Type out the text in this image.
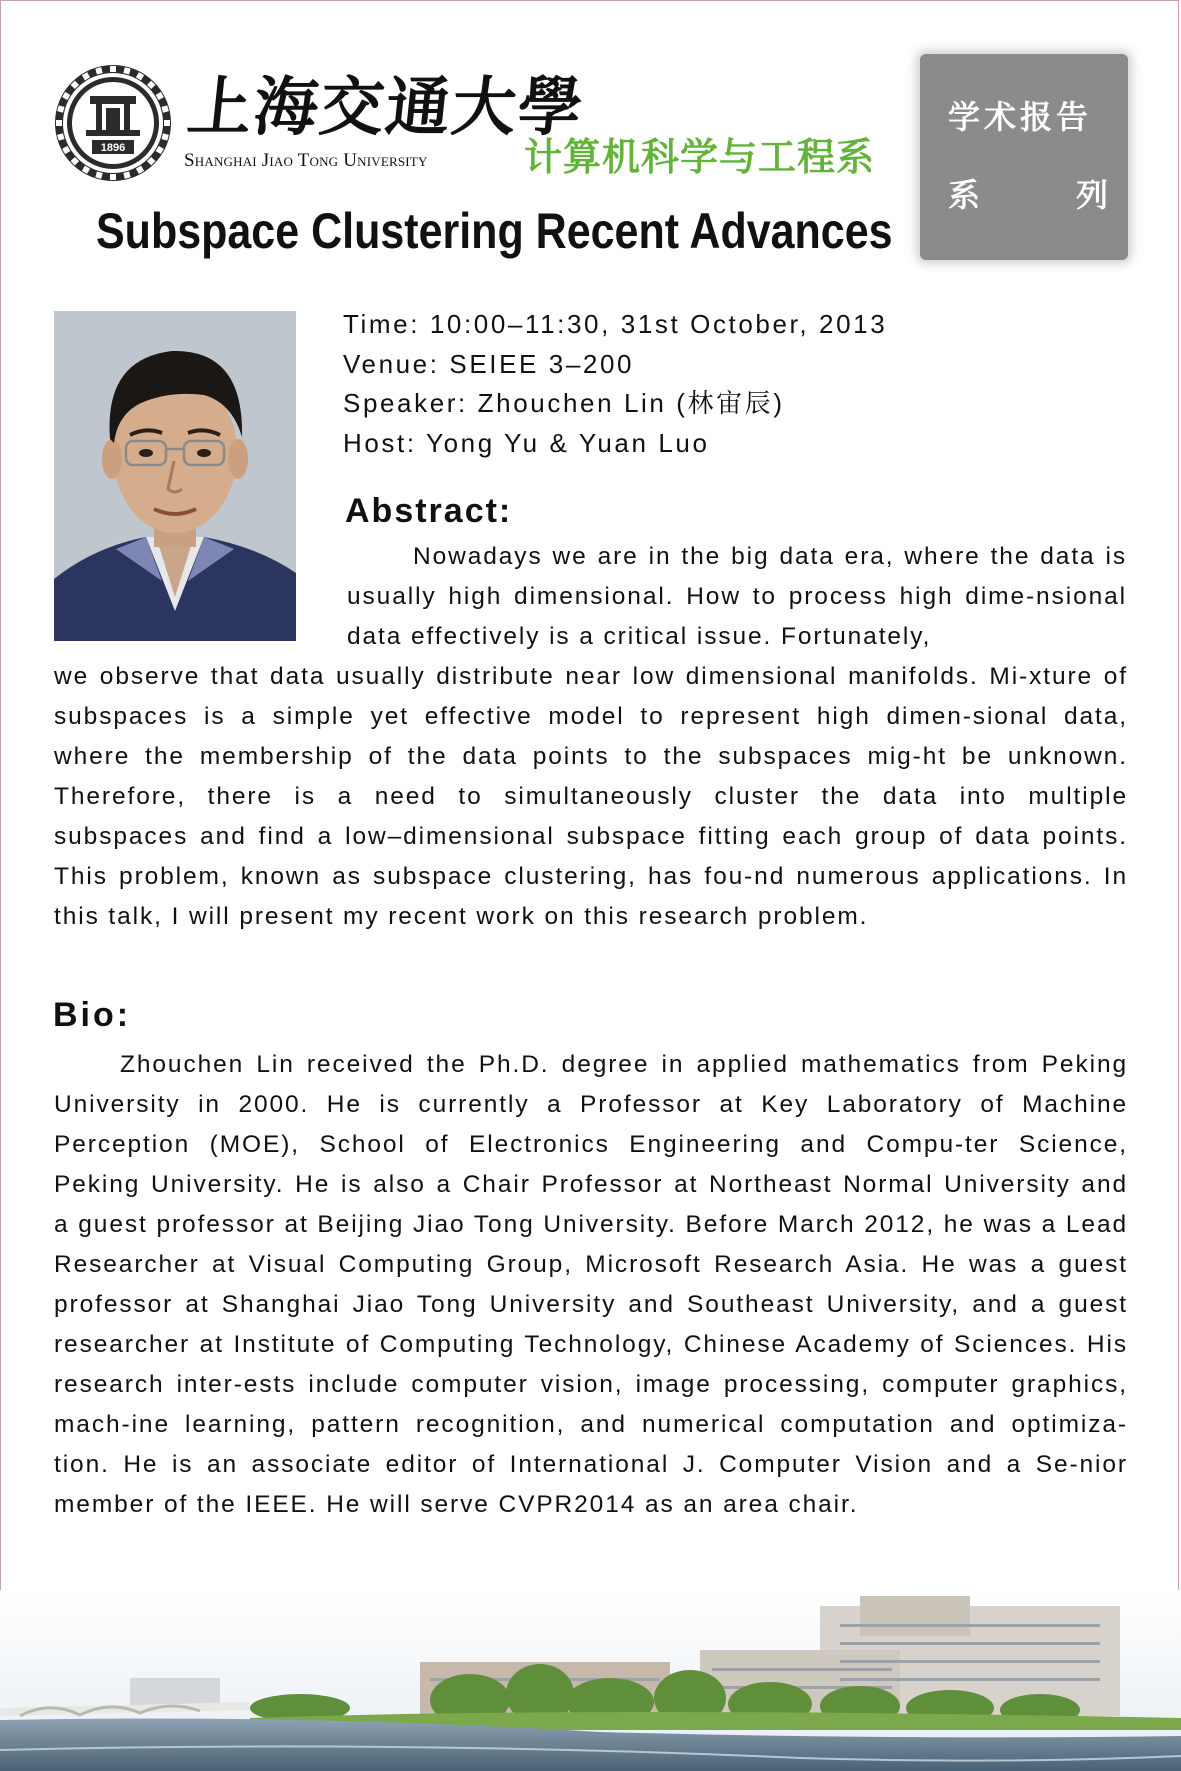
1896
上海交通大學
Shanghai Jiao Tong University	计算机科学与工程系
学术报告
系	列
Subspace Clustering Recent Advances
Time: 10:00–11:30, 31st October, 2013
Venue: SEIEE 3–200
Speaker: Zhouchen Lin (林宙辰)
Host: Yong Yu & Yuan Luo
Abstract:
Nowadays we are in the big data era, where the data is usually high dimensional. How to process high dime-nsional data effectively is a critical issue. Fortunately,
we observe that data usually distribute near low dimensional manifolds. Mi-xture of subspaces is a simple yet effective model to represent high dimen-sional data, where the membership of the data points to the subspaces mig-ht be unknown. Therefore, there is a need to simultaneously cluster the data into multiple subspaces and find a low–dimensional subspace fitting each group of data points. This problem, known as subspace clustering, has fou-nd numerous applications. In this talk, I will present my recent work on this research problem.
Bio:
Zhouchen Lin received the Ph.D. degree in applied mathematics from Peking University in 2000. He is currently a Professor at Key Laboratory of Machine Perception (MOE), School of Electronics Engineering and Compu-ter Science, Peking University. He is also a Chair Professor at Northeast Normal University and a guest professor at Beijing Jiao Tong University. Before March 2012, he was a Lead Researcher at Visual Computing Group, Microsoft Research Asia. He was a guest professor at Shanghai Jiao Tong University and Southeast University, and a guest researcher at Institute of Computing Technology, Chinese Academy of Sciences. His research inter-ests include computer vision, image processing, computer graphics, mach-ine learning, pattern recognition, and numerical computation and optimiza-tion. He is an associate editor of International J. Computer Vision and a Se-nior member of the IEEE. He will serve CVPR2014 as an area chair.
